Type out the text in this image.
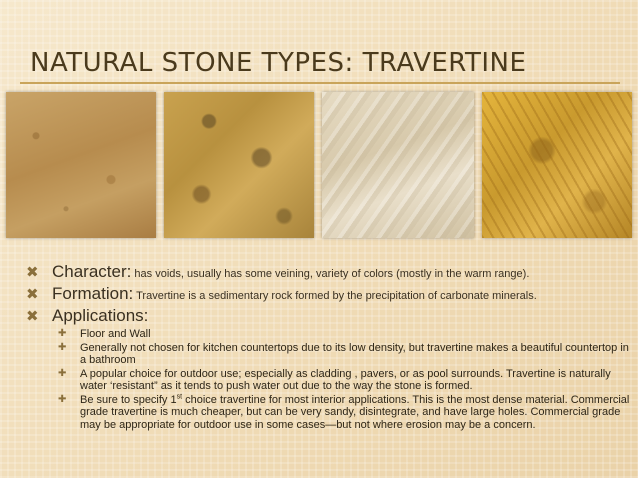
NATURAL STONE TYPES: TRAVERTINE
✖ Character: has voids, usually has some veining, variety of colors (mostly in the warm range).
✖ Formation: Travertine is a sedimentary rock formed by the precipitation of carbonate minerals.
✖ Applications:
✚ Floor and Wall
✚ Generally not chosen for kitchen countertops due to its low density, but travertine makes a beautiful countertop in a bathroom
✚ A popular choice for outdoor use; especially as cladding , pavers, or as pool surrounds. Travertine is naturally water ‘resistant” as it tends to push water out due to the way the stone is formed.
✚ Be sure to specify 1st choice travertine for most interior applications. This is the most dense material. Commercial grade travertine is much cheaper, but can be very sandy, disintegrate, and have large holes. Commercial grade may be appropriate for outdoor use in some cases—but not where erosion may be a concern.
